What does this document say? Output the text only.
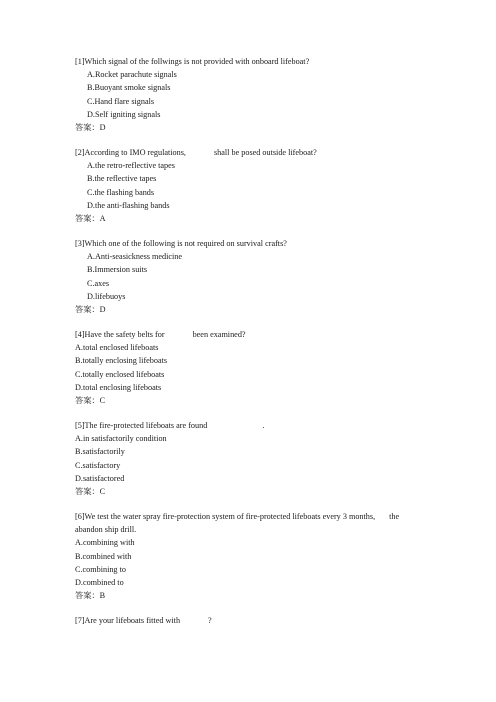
[1]Which signal of the follwings is not provided with onboard lifeboat?
A.Rocket parachute signals
B.Buoyant smoke signals
C.Hand flare signals
D.Self igniting signals
答案：D
[2]According to IMO regulations,	shall be posed outside lifeboat?
A.the retro-reflective tapes
B.the reflective tapes
C.the flashing bands
D.the anti-flashing bands
答案：A
[3]Which one of the following is not required on survival crafts?
A.Anti-seasickness medicine
B.Immersion suits
C.axes
D.lifebuoys
答案：D
[4]Have the safety belts for	been examined?
A.total enclosed lifeboats
B.totally enclosing lifeboats
C.totally enclosed lifeboats
D.total enclosing lifeboats
答案：C
[5]The fire-protected lifeboats are found	.
A.in satisfactorily condition
B.satisfactorily
C.satisfactory
D.satisfactored
答案：C
[6]We test the water spray fire-protection system of fire-protected lifeboats every 3 months, the
abandon ship drill.
A.combining with
B.combined with
C.combining to
D.combined to
答案：B
[7]Are your lifeboats fitted with	?
